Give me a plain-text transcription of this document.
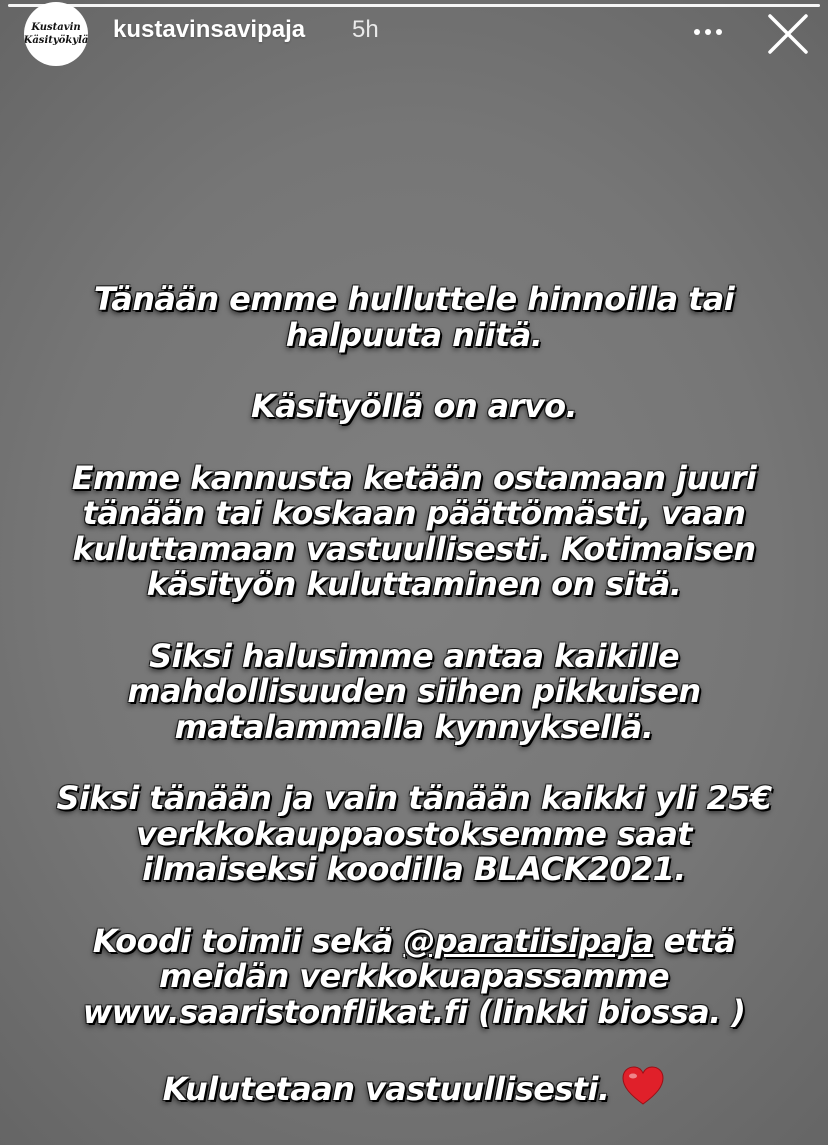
Kustavin
Käsityökylä kustavinsavipaja 5h
Tänään emme hulluttele hinnoilla tai
halpuuta niitä.
Käsityöllä on arvo.
Emme kannusta ketään ostamaan juuri
tänään tai koskaan päättömästi, vaan
kuluttamaan vastuullisesti. Kotimaisen
käsityön kuluttaminen on sitä.
Siksi halusimme antaa kaikille
mahdollisuuden siihen pikkuisen
matalammalla kynnyksellä.
Siksi tänään ja vain tänään kaikki yli 25€
verkkokauppaostoksemme saat
ilmaiseksi koodilla BLACK2021.
Koodi toimii sekä @paratiisipaja että
meidän verkkokuapassamme
www.saaristonflikat.fi (linkki biossa. )
Kulutetaan vastuullisesti.
